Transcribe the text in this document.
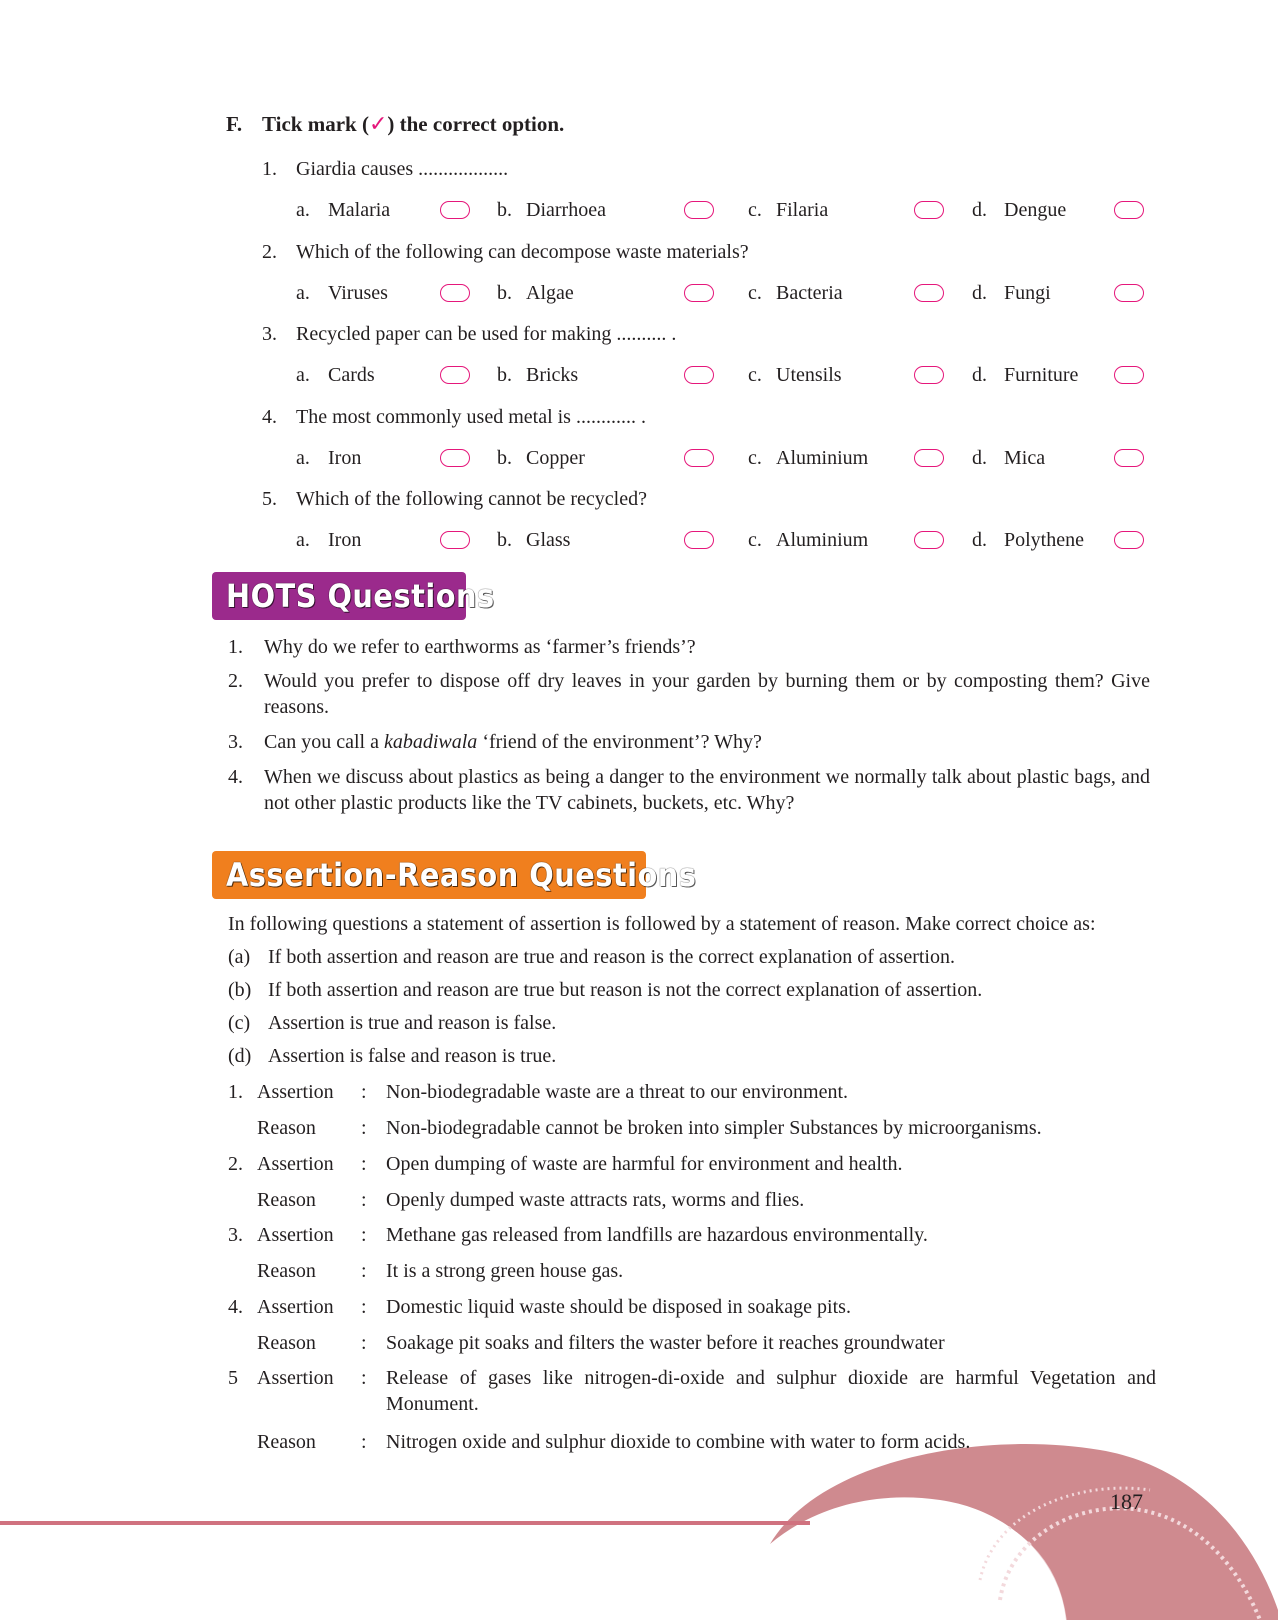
187
F. Tick mark (✓) the correct option.
1. Giardia causes ..................
a. Malaria	b. Diarrhoea	c. Filaria	d. Dengue
2. Which of the following can decompose waste materials?
a. Viruses	b. Algae	c. Bacteria	d. Fungi
3. Recycled paper can be used for making .......... .
a. Cards	b. Bricks	c. Utensils	d. Furniture
4. The most commonly used metal is ............ .
a. Iron	b. Copper	c. Aluminium	d. Mica
5. Which of the following cannot be recycled?
a. Iron	b. Glass	c. Aluminium	d. Polythene
HOTS Questions
1. Why do we refer to earthworms as ‘farmer’s friends’?
2. Would you prefer to dispose off dry leaves in your garden by burning them or by composting them? Give reasons.
3. Can you call a kabadiwala ‘friend of the environment’? Why?
4. When we discuss about plastics as being a danger to the environment we normally talk about plastic bags, and not other plastic products like the TV cabinets, buckets, etc. Why?
Assertion-Reason Questions
In following questions a statement of assertion is followed by a statement of reason. Make correct choice as:
(a) If both assertion and reason are true and reason is the correct explanation of assertion.
(b) If both assertion and reason are true but reason is not the correct explanation of assertion.
(c) Assertion is true and reason is false.
(d) Assertion is false and reason is true.
1. Assertion : Non-biodegradable waste are a threat to our environment.
Reason : Non-biodegradable cannot be broken into simpler Substances by microorganisms.
2. Assertion : Open dumping of waste are harmful for environment and health.
Reason : Openly dumped waste attracts rats, worms and flies.
3. Assertion : Methane gas released from landfills are hazardous environmentally.
Reason : It is a strong green house gas.
4. Assertion : Domestic liquid waste should be disposed in soakage pits.
Reason : Soakage pit soaks and filters the waster before it reaches groundwater
5 Assertion : Release of gases like nitrogen-di-oxide and sulphur dioxide are harmful Vegetation and Monument.
Reason : Nitrogen oxide and sulphur dioxide to combine with water to form acids.
